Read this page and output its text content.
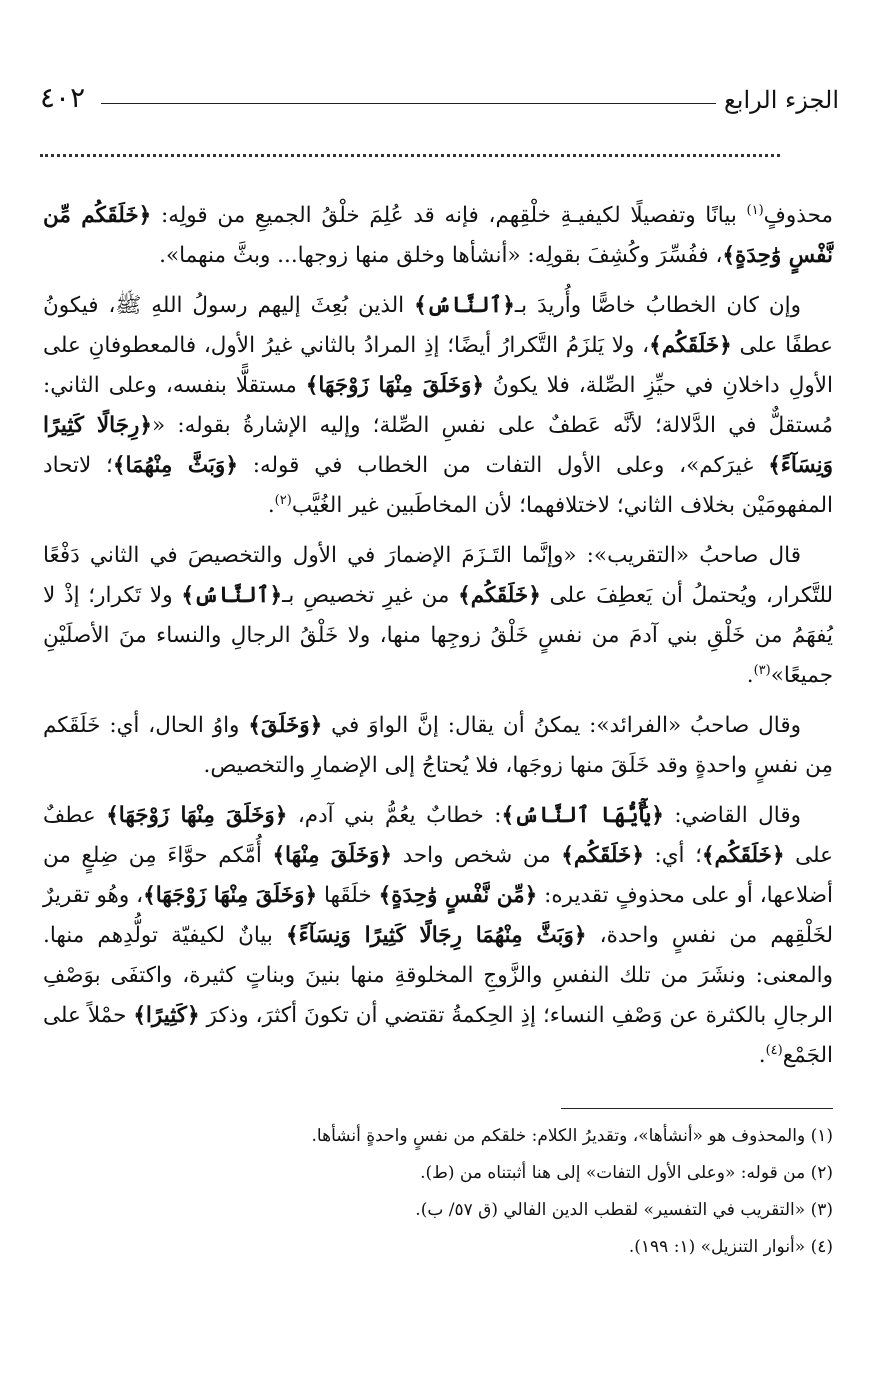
٤٠٢	الجزء الرابع

محذوفٍ$^{(١)}$ بيانًا وتفصيلًا لكيفيـةِ خلْقِهم، فإنه قد عُلِمَ خلْقُ الجميعِ من قولِه: ﴿خَلَقَكُم مِّن نَّفْسٍ وَٰحِدَةٍ﴾، ففُسِّرَ وكُشِفَ بقولِه: «أنشأها وخلق منها زوجها... وبثَّ منهما».

وإن كان الخطابُ خاصًّا وأُريدَ بـ﴿ٱلنَّاسُ﴾ الذين بُعِثَ إليهم رسولُ اللهِ ﷺ، فيكونُ عطفًا على ﴿خَلَقَكُم﴾، ولا يَلزَمُ التَّكرارُ أيضًا؛ إذِ المرادُ بالثاني غيرُ الأول، فالمعطوفانِ على الأولِ داخلانِ في حيِّزِ الصِّلة، فلا يكونُ ﴿وَخَلَقَ مِنْهَا زَوْجَهَا﴾ مستقلًّا بنفسه، وعلى الثاني: مُستقلٌّ في الدَّلالة؛ لأنَّه عَطفٌ على نفسِ الصِّلة؛ وإليه الإشارةُ بقوله: «﴿رِجَالًا كَثِيرًا وَنِسَآءً﴾ غيرَكم»، وعلى الأول التفات من الخطاب في قوله: ﴿وَبَثَّ مِنْهُمَا﴾؛ لاتحاد المفهومَيْن بخلاف الثاني؛ لاختلافهما؛ لأن المخاطَبين غير الغُيَّب$^{(٢)}$.

قال صاحبُ «التقريب»: «وإنَّما التَـزَمَ الإضمارَ في الأول والتخصيصَ في الثاني دَفْعًا للتَّكرار، ويُحتملُ أن يَعطِفَ على ﴿خَلَقَكُم﴾ من غيرِ تخصيصِ بـ﴿ٱلنَّاسُ﴾ ولا تَكرار؛ إذْ لا يُفهَمُ من خَلْقِ بني آدمَ من نفسٍ خَلْقُ زوجِها منها، ولا خَلْقُ الرجالِ والنساء منَ الأصلَيْنِ جميعًا»$^{(٣)}$.

وقال صاحبُ «الفرائد»: يمكنُ أن يقال: إنَّ الواوَ في ﴿وَخَلَقَ﴾ واوُ الحال، أي: خَلَقَكم مِن نفسٍ واحدةٍ وقد خَلَقَ منها زوجَها، فلا يُحتاجُ إلى الإضمارِ والتخصيص.

وقال القاضي: ﴿يَٰٓأَيُّهَا ٱلنَّاسُ﴾: خطابٌ يعُمُّ بني آدم، ﴿وَخَلَقَ مِنْهَا زَوْجَهَا﴾ عطفٌ على ﴿خَلَقَكُم﴾؛ أي: ﴿خَلَقَكُم﴾ من شخص واحد ﴿وَخَلَقَ مِنْهَا﴾ أُمَّكم حوَّاءَ مِن ضِلعٍ من أضلاعها، أو على محذوفٍ تقديره: ﴿مِّن نَّفْسٍ وَٰحِدَةٍ﴾ خلَقَها ﴿وَخَلَقَ مِنْهَا زَوْجَهَا﴾، وهُو تقريرٌ لخَلْقِهم من نفسٍ واحدة، ﴿وَبَثَّ مِنْهُمَا رِجَالًا كَثِيرًا وَنِسَآءً﴾ بيانٌ لكيفيّة تولُّدِهم منها. والمعنى: ونشَرَ من تلك النفسِ والزَّوجِ المخلوقةِ منها بنينَ وبناتٍ كثيرة، واكتفَى بوَصْفِ الرجالِ بالكثرة عن وَصْفِ النساء؛ إذِ الحِكمةُ تقتضي أن تكونَ أكثرَ، وذكرَ ﴿كَثِيرًا﴾ حمْلاً على الجَمْع$^{(٤)}$.

(١) والمحذوف هو «أنشأها»، وتقديرُ الكلام: خلقكم من نفسٍ واحدةٍ أنشأها.
(٢) من قوله: «وعلى الأول التفات» إلى هنا أثبتناه من (ط).
(٣) «التقريب في التفسير» لقطب الدين الفالي (ق ٥٧/ ب).
(٤) «أنوار التنزيل» (١: ١٩٩).
